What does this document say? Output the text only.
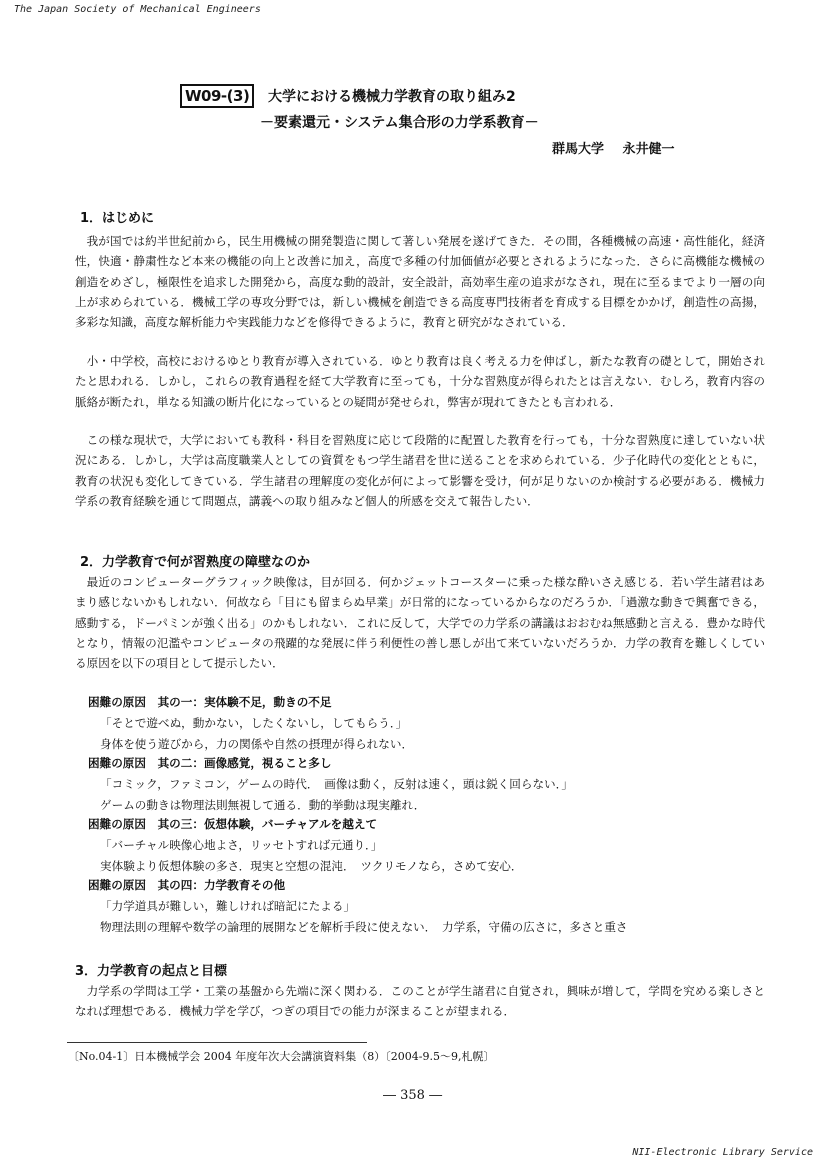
The Japan Society of Mechanical Engineers
W09-(3)	大学における機械力学教育の取り組み2
－要素還元・システム集合形の力学系教育－
群馬大学 永井健一
1．はじめに
我が国では約半世紀前から，民生用機械の開発製造に関して著しい発展を遂げてきた．その間，各種機械の高速・高性能化，経済性，快適・静粛性など本来の機能の向上と改善に加え，高度で多種の付加価値が必要とされるようになった．さらに高機能な機械の創造をめざし，極限性を追求した開発から，高度な動的設計，安全設計，高効率生産の追求がなされ，現在に至るまでより一層の向上が求められている．機械工学の専攻分野では，新しい機械を創造できる高度専門技術者を育成する目標をかかげ，創造性の高揚，多彩な知識，高度な解析能力や実践能力などを修得できるように，教育と研究がなされている．
小・中学校，高校におけるゆとり教育が導入されている．ゆとり教育は良く考える力を伸ばし，新たな教育の礎として，開始されたと思われる．しかし，これらの教育過程を経て大学教育に至っても，十分な習熟度が得られたとは言えない．むしろ，教育内容の脈絡が断たれ，単なる知識の断片化になっているとの疑問が発せられ，弊害が現れてきたとも言われる．
この様な現状で，大学においても教科・科目を習熟度に応じて段階的に配置した教育を行っても，十分な習熟度に達していない状況にある．しかし，大学は高度職業人としての資質をもつ学生諸君を世に送ることを求められている．少子化時代の変化とともに，教育の状況も変化してきている．学生諸君の理解度の変化が何によって影響を受け，何が足りないのか検討する必要がある．機械力学系の教育経験を通じて問題点，講義への取り組みなど個人的所感を交えて報告したい．
2．力学教育で何が習熟度の障壁なのか
最近のコンピューターグラフィック映像は，目が回る．何かジェットコースターに乗った様な酔いさえ感じる．若い学生諸君はあまり感じないかもしれない．何故なら「目にも留まらぬ早業」が日常的になっているからなのだろうか．「過激な動きで興奮できる，感動する，ドーパミンが強く出る」のかもしれない．これに反して，大学での力学系の講議はおおむね無感動と言える．豊かな時代となり，情報の氾濫やコンピュータの飛躍的な発展に伴う利便性の善し悪しが出て来ていないだろうか．力学の教育を難しくしている原因を以下の項目として提示したい．
困難の原因　其の一：実体験不足，動きの不足
「そとで遊べぬ，動かない，したくないし，してもらう．」
身体を使う遊びから，力の関係や自然の摂理が得られない．
困難の原因　其の二：画像感覚，視ること多し
「コミック，ファミコン，ゲームの時代．　画像は動く，反射は速く，頭は鋭く回らない．」
ゲームの動きは物理法則無視して通る．動的挙動は現実離れ．
困難の原因　其の三：仮想体験，バーチャアルを越えて
「バーチャル映像心地よさ，リッセトすれば元通り．」
実体験より仮想体験の多さ．現実と空想の混沌．　ツクリモノなら，さめて安心．
困難の原因　其の四：力学教育その他
「力学道具が難しい，難しければ暗記にたよる」
物理法則の理解や数学の論理的展開などを解析手段に使えない．　力学系，守備の広さに，多さと重さ
3．力学教育の起点と目標
力学系の学問は工学・工業の基盤から先端に深く関わる．このことが学生諸君に自覚され，興味が増して，学問を究める楽しさとなれば理想である．機械力学を学び，つぎの項目での能力が深まることが望まれる．
〔No.04-1〕日本機械学会 2004 年度年次大会講演資料集（8）〔2004-9.5～9,札幌〕
― 358 ―
NII-Electronic Library Service
